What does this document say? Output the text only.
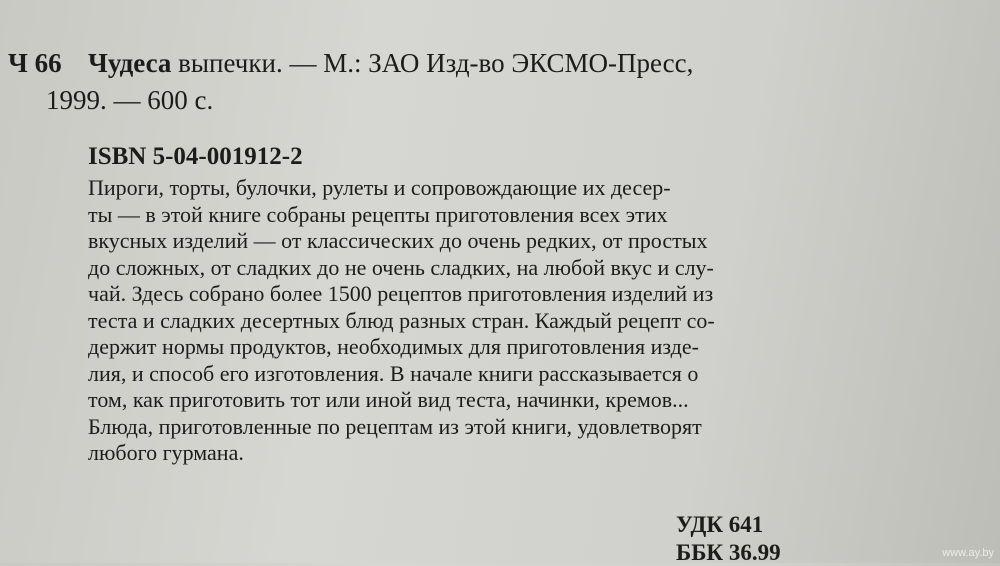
Ч 66 Чудеса выпечки. — М.: ЗАО Изд-во ЭКСМО-Пресс,
1999. — 600 с.
ISBN 5-04-001912-2
Пироги, торты, булочки, рулеты и сопровождающие их десер-
ты — в этой книге собраны рецепты приготовления всех этих
вкусных изделий — от классических до очень редких, от простых
до сложных, от сладких до не очень сладких, на любой вкус и слу-
чай. Здесь собрано более 1500 рецептов приготовления изделий из
теста и сладких десертных блюд разных стран. Каждый рецепт со-
держит нормы продуктов, необходимых для приготовления изде-
лия, и способ его изготовления. В начале книги рассказывается о
том, как приготовить тот или иной вид теста, начинки, кремов...
Блюда, приготовленные по рецептам из этой книги, удовлетворят
любого гурмана.
УДК 641
ББК 36.99	www.ay.by
